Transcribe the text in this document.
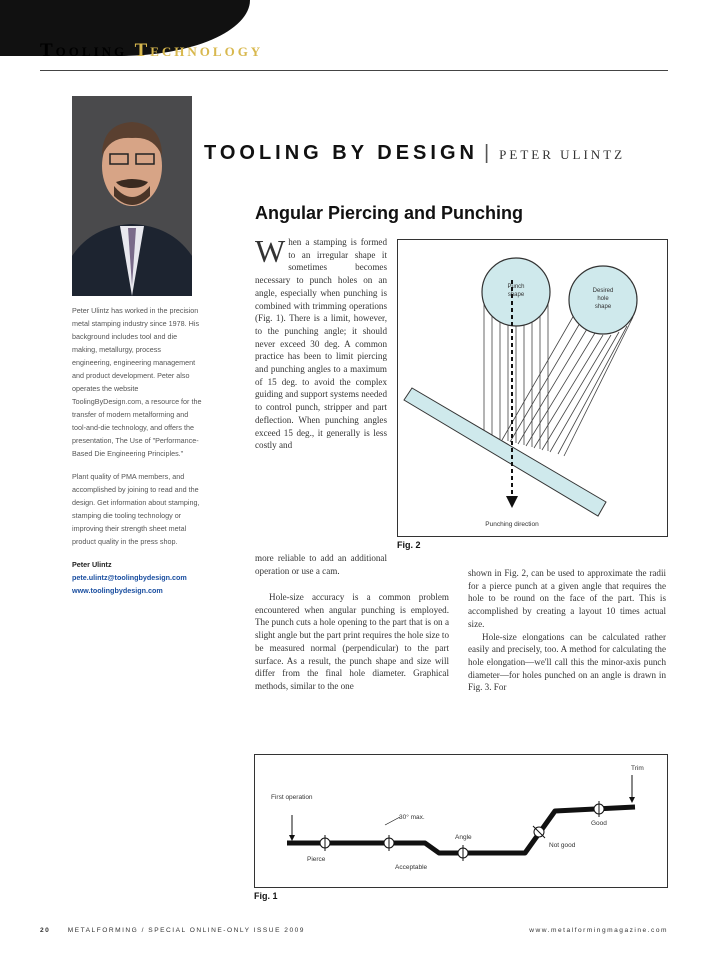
Tooling Technology
TOOLING BY DESIGN | PETER ULINTZ
Angular Piercing and Punching

Peter Ulintz has worked in the precision metal stamping industry since 1978. His background includes tool and die making, metallurgy, process engineering, engineering management and product development. Peter also operates the website ToolingByDesign.com, a resource for the transfer of modern metalforming and tool-and-die technology, and offers the presentation, The Use of "Performance-Based Die Engineering Principles."

Plant quality of PMA members, and accomplished by joining to read and the design. Get information about stamping, stamping die tooling technology or improving their strength sheet metal product quality in the press shop.

Peter Ulintz
pete.ulintz@toolingbydesign.com
www.toolingbydesign.com

When a stamping is formed to an irregular shape it sometimes becomes necessary to punch holes on an angle, especially when punching is combined with trimming operations (Fig. 1). There is a limit, however, to the punching angle; it should never exceed 30 deg. A common practice has been to limit piercing and punching angles to a maximum of 15 deg. to avoid the complex guiding and support systems needed to control punch, stripper and part deflection. When punching angles exceed 15 deg., it generally is less costly and

Punch
shape
Desired
hole
shape
Punching direction
Fig. 2

more reliable to add an additional operation or use a cam.

Hole-size accuracy is a common problem encountered when angular punching is employed. The punch cuts a hole opening to the part that is on a slight angle but the part print requires the hole size to be measured normal (perpendicular) to the part surface. As a result, the punch shape and size will differ from the final hole diameter. Graphical methods, similar to the one

shown in Fig. 2, can be used to approximate the radii for a pierce punch at a given angle that requires the hole to be round on the face of the part. This is accomplished by creating a layout 10 times actual size.

Hole-size elongations can be calculated rather easily and precisely, too. A method for calculating the hole elongation—we'll call this the minor-axis punch diameter—for holes punched on an angle is drawn in Fig. 3. For

Trim
First operation
Pierce
30° max.
Angle
Acceptable
Not good
Good
Fig. 1
20	METALFORMING / SPECIAL ONLINE-ONLY ISSUE 2009	www.metalformingmagazine.com
